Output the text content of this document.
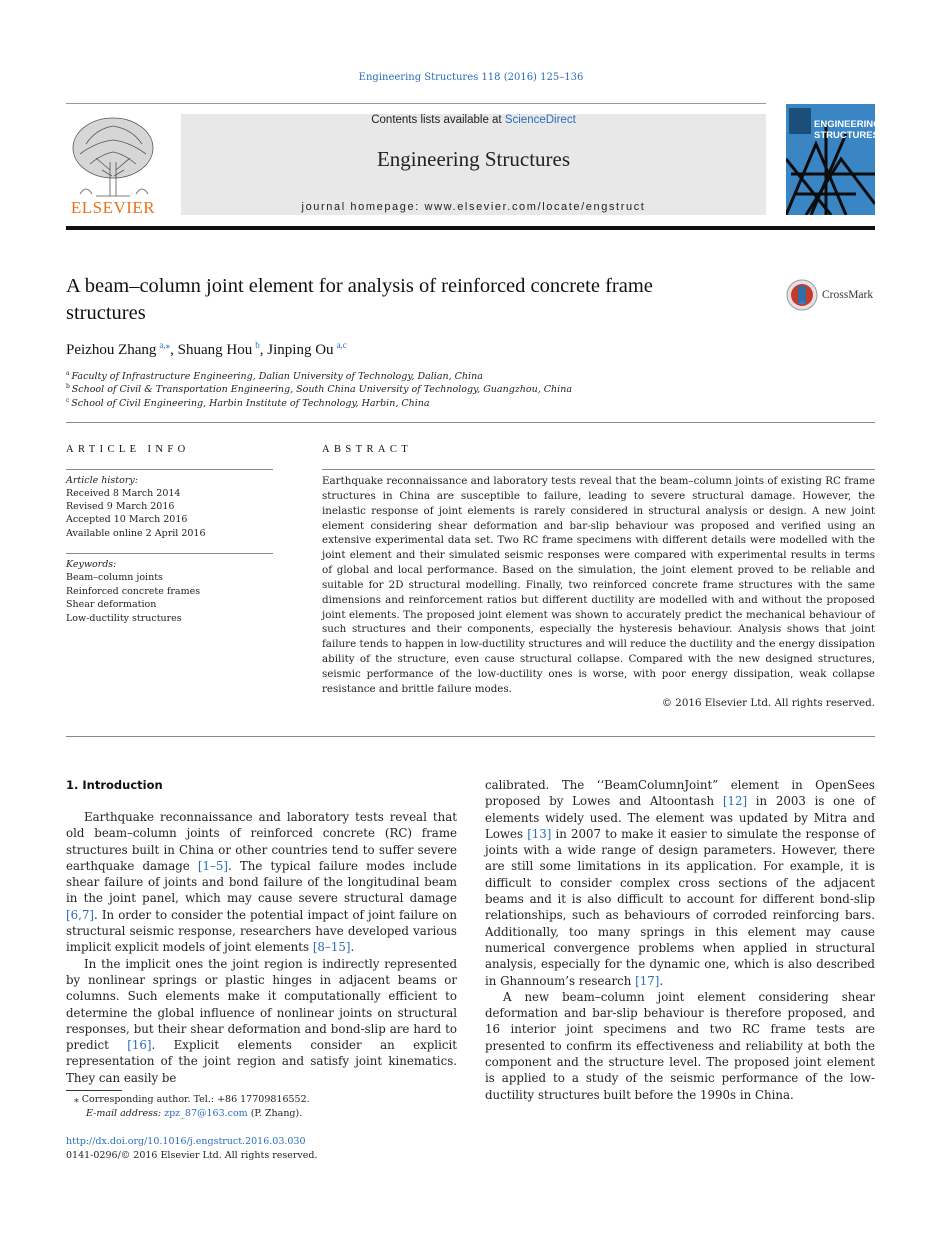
Engineering Structures 118 (2016) 125–136
ELSEVIER
Contents lists available at ScienceDirect
Engineering Structures
journal homepage: www.elsevier.com/locate/engstruct
ENGINEERING
STRUCTURES
A beam–column joint element for analysis of reinforced concrete frame
structures
CrossMark
Peizhou Zhang  $^{a,⁎}$, Shuang Hou  $^b$, Jinping Ou  $^{a,c}$
$^a$  Faculty of Infrastructure Engineering, Dalian University of Technology, Dalian, China
$^b$  School of Civil & Transportation Engineering, South China University of Technology, Guangzhou, China
$^c$  School of Civil Engineering, Harbin Institute of Technology, Harbin, China
ARTICLE INFO
Article history:
Received 8 March 2014
Revised 9 March 2016
Accepted 10 March 2016
Available online 2 April 2016
Keywords:
Beam–column joints
Reinforced concrete frames
Shear deformation
Low-ductility structures
ABSTRACT
Earthquake reconnaissance and laboratory tests reveal that the beam–column joints of existing RC frame structures in China are susceptible to failure, leading to severe structural damage. However, the inelastic response of joint elements is rarely considered in structural analysis or design. A new joint element considering shear deformation and bar-slip behaviour was proposed and verified using an extensive experimental data set. Two RC frame specimens with different details were modelled with the joint element and their simulated seismic responses were compared with experimental results in terms of global and local performance. Based on the simulation, the joint element proved to be reliable and suitable for 2D structural modelling. Finally, two reinforced concrete frame structures with the same dimensions and reinforcement ratios but different ductility are modelled with and without the proposed joint elements. The proposed joint element was shown to accurately predict the mechanical behaviour of such structures and their components, especially the hysteresis behaviour. Analysis shows that joint failure tends to happen in low-ductility structures and will reduce the ductility and the energy dissipation ability of the structure, even cause structural collapse. Compared with the new designed structures, seismic performance of the low-ductility ones is worse, with poor energy dissipation, weak collapse resistance and brittle failure modes.
© 2016 Elsevier Ltd. All rights reserved.
1. Introduction

Earthquake reconnaissance and laboratory tests reveal that old beam–column joints of reinforced concrete (RC) frame structures built in China or other countries tend to suffer severe earthquake damage [1–5]. The typical failure modes include shear failure of joints and bond failure of the longitudinal beam in the joint panel, which may cause severe structural damage [6,7]. In order to consider the potential impact of joint failure on structural seismic response, researchers have developed various implicit explicit models of joint elements [8–15].

In the implicit ones the joint region is indirectly represented by nonlinear springs or plastic hinges in adjacent beams or columns. Such elements make it computationally efficient to determine the global influence of nonlinear joints on structural responses, but their shear deformation and bond-slip are hard to predict [16]. Explicit elements consider an explicit representation of the joint region and satisfy joint kinematics. They can easily be

calibrated. The ‘‘BeamColumnJoint” element in OpenSees proposed by Lowes and Altoontash [12] in 2003 is one of elements widely used. The element was updated by Mitra and Lowes [13] in 2007 to make it easier to simulate the response of joints with a wide range of design parameters. However, there are still some limitations in its application. For example, it is difficult to consider complex cross sections of the adjacent beams and it is also difficult to account for different bond-slip relationships, such as behaviours of corroded reinforcing bars. Additionally, too many springs in this element may cause numerical convergence problems when applied in structural analysis, especially for the dynamic one, which is also described in Ghannoum’s research [17].

A new beam–column joint element considering shear deformation and bar-slip behaviour is therefore proposed, and 16 interior joint specimens and two RC frame tests are presented to confirm its effectiveness and reliability at both the component and the structure level. The proposed joint element is applied to a study of the seismic performance of the low-ductility structures built before the 1990s in China.

⁎ Corresponding author. Tel.: +86 17709816552.
E-mail address: zpz_87@163.com (P. Zhang).
http://dx.doi.org/10.1016/j.engstruct.2016.03.030
0141-0296/© 2016 Elsevier Ltd. All rights reserved.
